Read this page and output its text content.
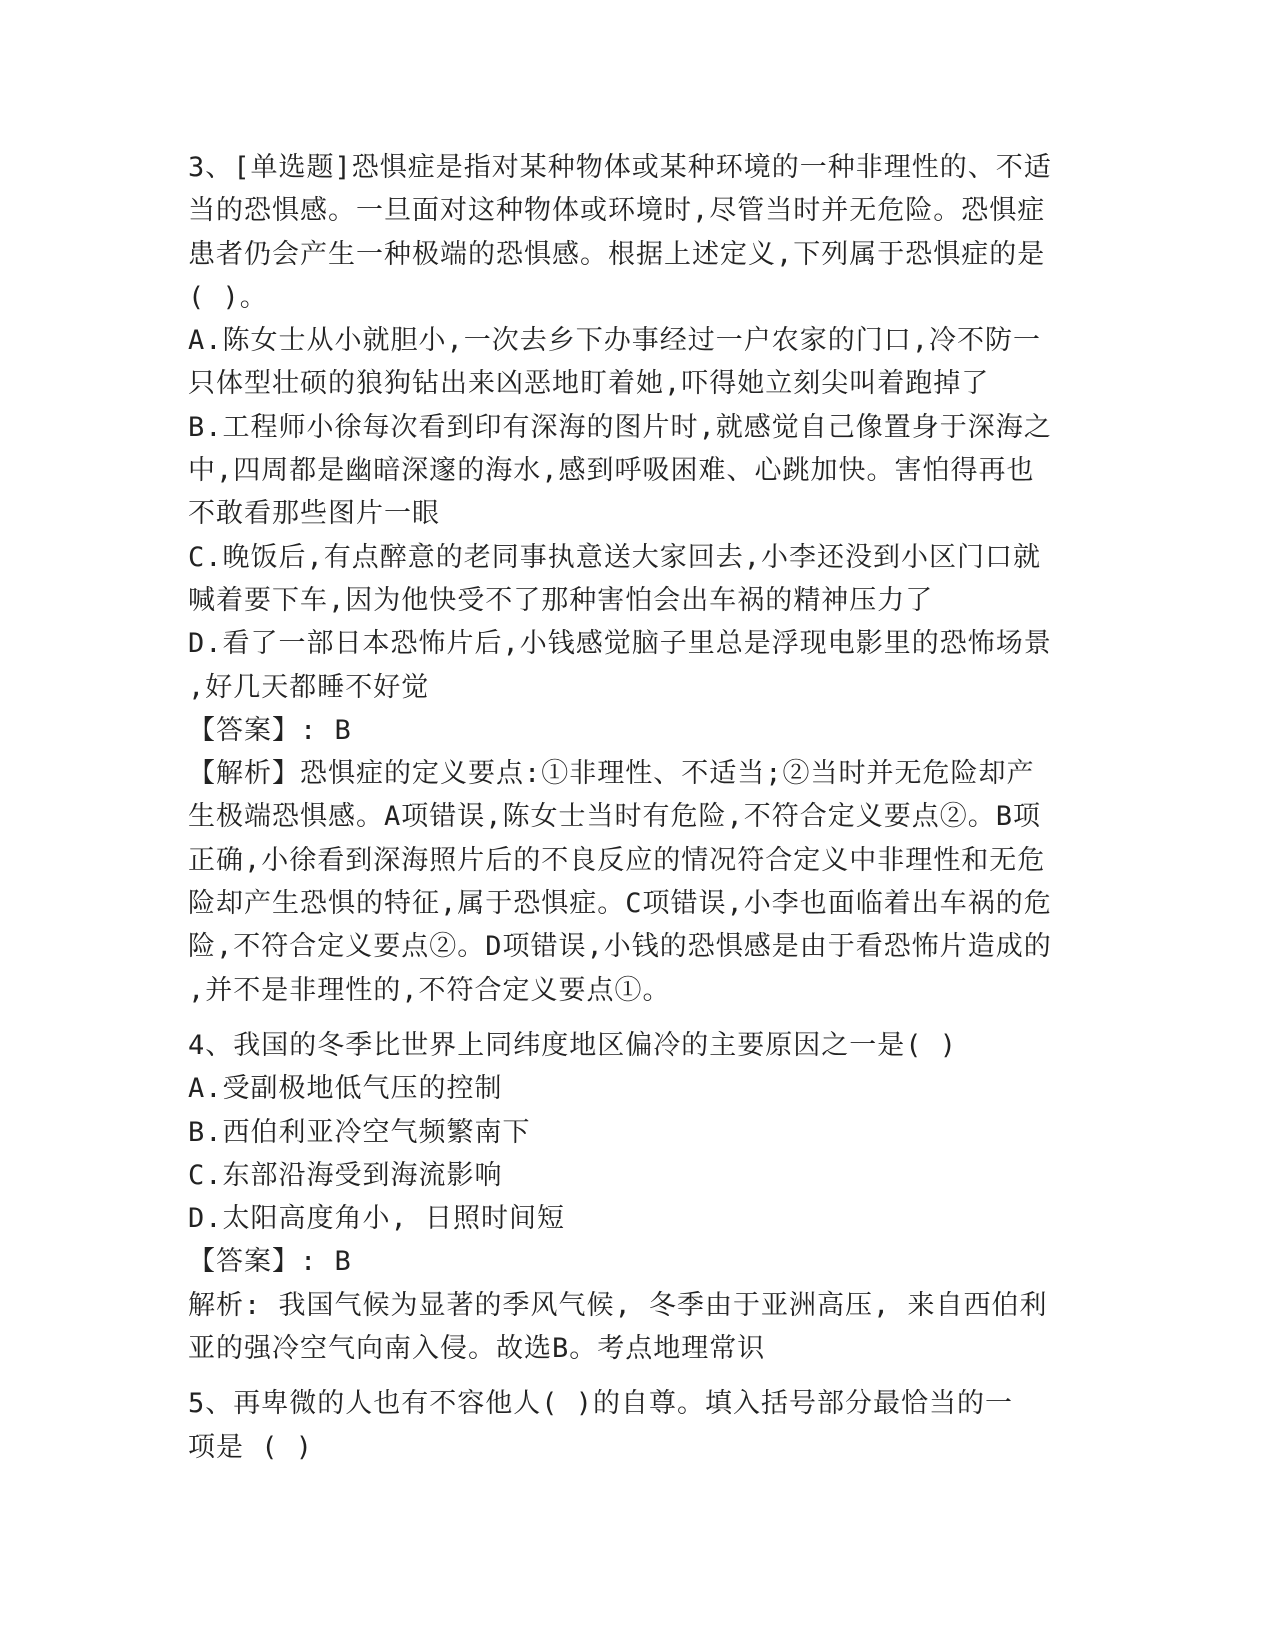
3、[单选题]恐惧症是指对某种物体或某种环境的一种非理性的、不适
当的恐惧感。一旦面对这种物体或环境时,尽管当时并无危险。恐惧症
患者仍会产生一种极端的恐惧感。根据上述定义,下列属于恐惧症的是
( )。
A.陈女士从小就胆小,一次去乡下办事经过一户农家的门口,冷不防一
只体型壮硕的狼狗钻出来凶恶地盯着她,吓得她立刻尖叫着跑掉了
B.工程师小徐每次看到印有深海的图片时,就感觉自己像置身于深海之
中,四周都是幽暗深邃的海水,感到呼吸困难、心跳加快。害怕得再也
不敢看那些图片一眼
C.晚饭后,有点醉意的老同事执意送大家回去,小李还没到小区门口就
喊着要下车,因为他快受不了那种害怕会出车祸的精神压力了
D.看了一部日本恐怖片后,小钱感觉脑子里总是浮现电影里的恐怖场景
,好几天都睡不好觉
【答案】: B
【解析】恐惧症的定义要点:①非理性、不适当;②当时并无危险却产
生极端恐惧感。A项错误,陈女士当时有危险,不符合定义要点②。B项
正确,小徐看到深海照片后的不良反应的情况符合定义中非理性和无危
险却产生恐惧的特征,属于恐惧症。C项错误,小李也面临着出车祸的危
险,不符合定义要点②。D项错误,小钱的恐惧感是由于看恐怖片造成的
,并不是非理性的,不符合定义要点①。
4、我国的冬季比世界上同纬度地区偏冷的主要原因之一是( )
A.受副极地低气压的控制
B.西伯利亚冷空气频繁南下
C.东部沿海受到海流影响
D.太阳高度角小, 日照时间短
【答案】: B
解析: 我国气候为显著的季风气候, 冬季由于亚洲高压, 来自西伯利
亚的强冷空气向南入侵。故选B。考点地理常识
5、再卑微的人也有不容他人( )的自尊。填入括号部分最恰当的一
项是 ( )
